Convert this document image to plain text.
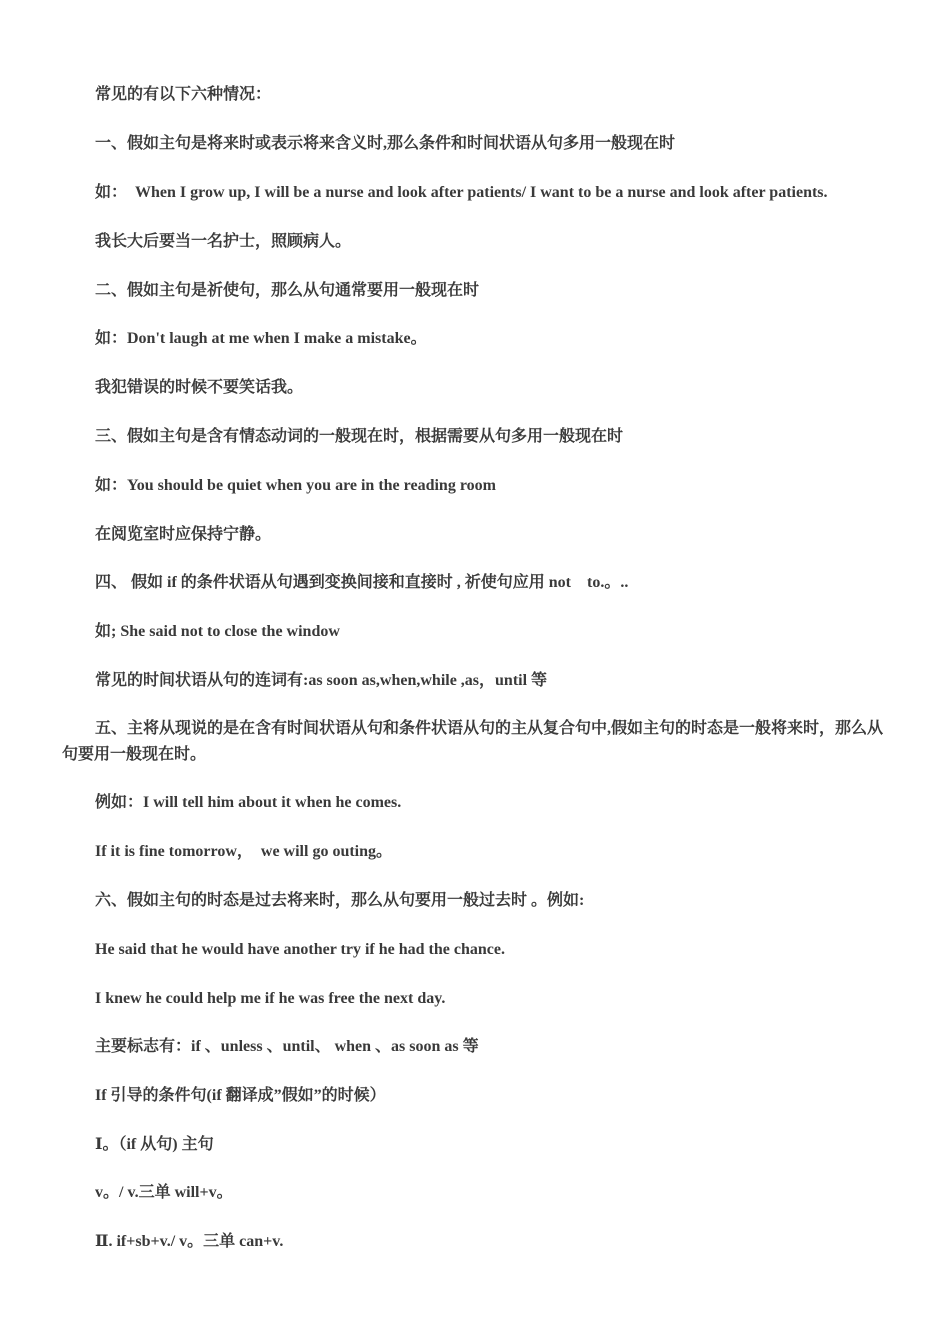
常见的有以下六种情况：

一、假如主句是将来时或表示将来含义时,那么条件和时间状语从句多用一般现在时

如：  When I grow up, I will be a nurse and look after patients/ I want to be a nurse and look after patients.

我长大后要当一名护士，照顾病人。

二、假如主句是祈使句，那么从句通常要用一般现在时

如：Don't laugh at me when I make a mistake。

我犯错误的时候不要笑话我。

三、假如主句是含有情态动词的一般现在时，根据需要从句多用一般现在时

如：You should be quiet when you are in the reading room

在阅览室时应保持宁静。

四、 假如 if 的条件状语从句遇到变换间接和直接时 , 祈使句应用 not    to.。..

如; She said not to close the window

常见的时间状语从句的连词有:as soon as,when,while ,as，until 等

五、主将从现说的是在含有时间状语从句和条件状语从句的主从复合句中,假如主句的时态是一般将来时，那么从句要用一般现在时。

例如：I will tell him about it when he comes.

If it is fine tomorrow，  we will go outing。

六、假如主句的时态是过去将来时，那么从句要用一般过去时 。例如:

He said that he would have another try if he had the chance.

I knew he could help me if he was free the next day.

主要标志有：if 、unless 、until、 when 、as soon as 等

If 引导的条件句(if 翻译成”假如”的时候）

Ⅰ。（if 从句) 主句

v。/ v.三单 will+v。

Ⅱ. if+sb+v./ v。三单 can+v.
